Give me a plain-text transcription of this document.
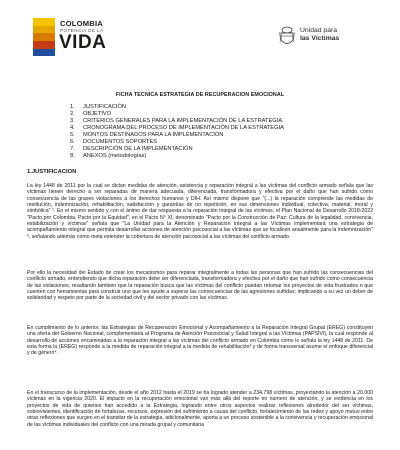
COLOMBIA
POTENCIA DE LA
VIDA
Unidad para
las Víctimas
FICHA TECNICA ESTRATEGIA DE RECUPERACION EMOCIONAL
1. JUSTIFICACIÓN
2. OBJETIVO
3. CRITERIOS GENERALES PARA LA IMPLEMENTACIÓN DE LA ESTRATEGIA.
4. CRONOGRAMA DEL PROCESO DE IMPLEMENTACIÓN DE LA ESTRATEGIA
5. MONTOS DESTINADOS PARA LA IMPLEMENTACIÓN
6. DOCUMENTOS SOPORTES
7. DESCRIPCIÓN DE LA IMPLEMENTACIÓN
8. ANEXOS (metodologías)
1.JUSTIFICACION

La ley 1448 de 2011 por la cual se dictan medidas de atención, asistencia y reparación integral a las víctimas del conflicto armado señala que las víctimas tienen derecho a ser reparadas de manera adecuada, diferenciada, transformadora y efectiva por el daño que han sufrido como consecuencia de las graves violaciones a los derechos humanos y DIH. Así mismo dispone que "(...) la reparación comprende las medidas de restitución, indemnización, rehabilitación, satisfacción y garantías de no repetición, en sus dimensiones individual, colectiva, material, moral y simbólica" ¹. En el mismo sentido y con el ánimo de dar respuesta a la reparación integral de las víctimas, el Plan Nacional de Desarrollo 2018-2022 "Pacto por Colombia, Pacto por la Equidad", en el Pacto N° XI, denominado "Pacto por la Construcción de Paz: Cultura de la legalidad, convivencia, estabilización y víctimas" señala que "La Unidad para la Atención y Reparación Integral a las Víctimas implementará una estrategia de acompañamiento integral que permita desarrollar acciones de atención psicosocial a las víctimas que se focalicen anualmente para la indemnización" ², señalando además como meta extender la cobertura de atención psicosocial a las víctimas del conflicto armado.

Por ello la necesidad del Estado de crear los mecanismos para reparar integralmente a todas las personas que han sufrido las consecuencias del conflicto armado, entendiendo que dicha reparación debe ser diferenciada, transformadora y efectiva por el daño que han sufrido como consecuencia de las violaciones; resaltando también que la reparación busca que las víctimas del conflicto puedan retomar los proyectos de vida frustrados o que cuenten con herramientas para construir uno que les ayude a superar las consecuencias de las agresiones sufridas; implicando a su vez un deber de solidaridad y respeto por parte de la sociedad civil y del sector privado con las víctimas.

En cumplimiento de lo anterior, las Estrategias de Recuperación Emocional y Acompañamiento a la Reparación Integral Grupal (EREG) constituyen una oferta del Gobierno Nacional, complementaria al Programa de Atención Psicosocial y Salud Integral a las Víctimas (PAPSIVI), la cual responde al desarrollo de acciones encaminadas a la reparación integral a las víctimas del conflicto armado en Colombia como lo señala la ley 1448 de 2011. De esta forma la (EREG) responde a la medida de reparación integral a la medida de rehabilitación³ y de forma transversal asume el enfoque diferencial y de género⁴.

En el transcurso de la implementación, desde el año 2012 hasta el 2019 se ha logrado atender a 234.798 víctimas, proyectando la atención a 20.000 víctimas en la vigencia 2020. El impacto en la recuperación emocional van más allá del reporte en número de atención, y se evidencia en los proyectos de vida de quienes han accedido a la Estrategia, logrando entre otros aspectos realizar reflexiones alrededor del ser víctimas, sobrevivientes, identificación de fortalezas, recursos, expresión del sufrimiento a causa del conflicto, fortalecimiento de las redes y apoyo mutuo entre otras reflexiones que surgen en el transitar de la estrategia, adicionalmente, aporta a un proceso sostenible a la convivencia y recuperación emocional de las víctimas individuales del conflicto con una mirada grupal y comunitaria
